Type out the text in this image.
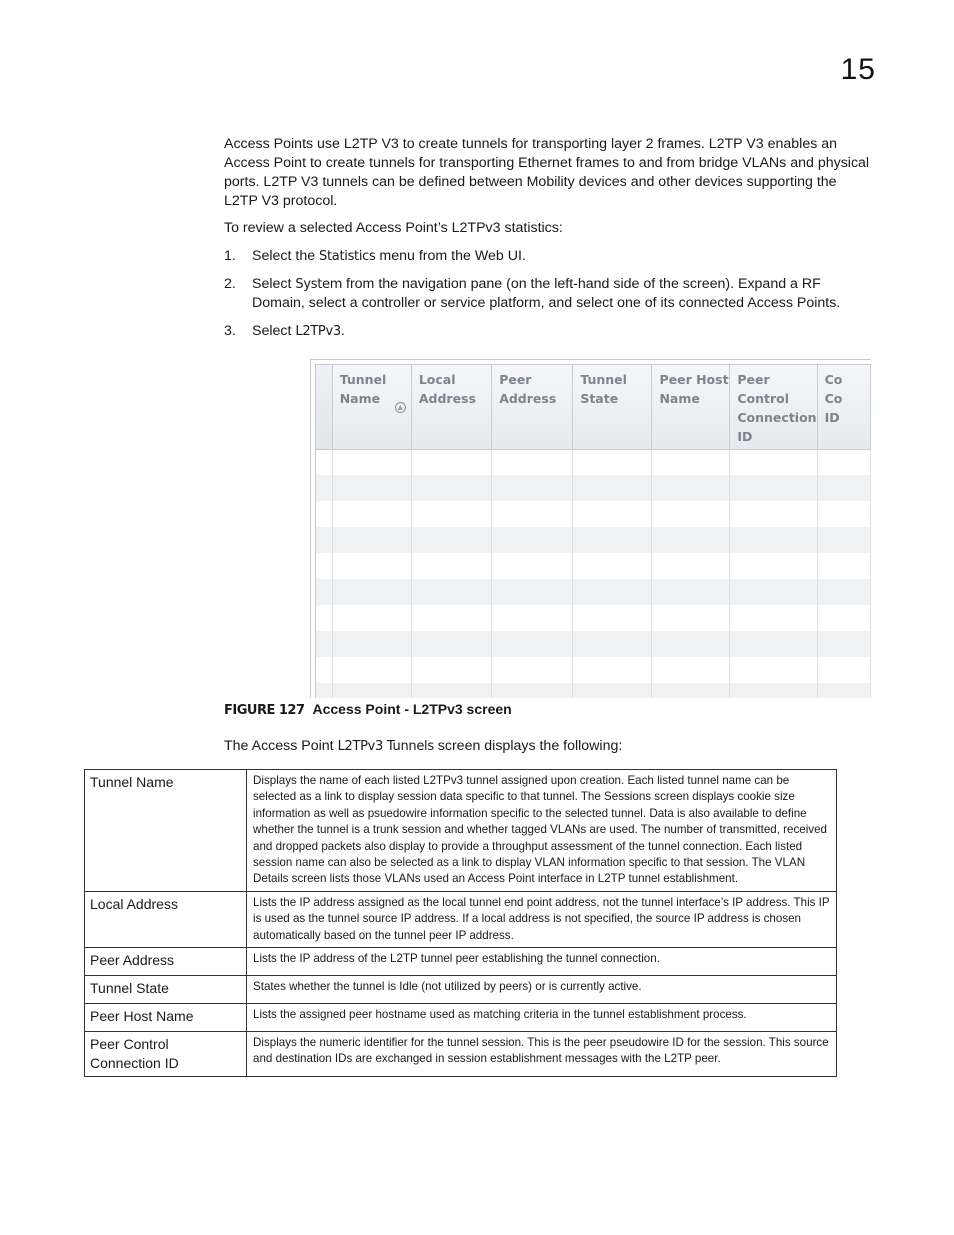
15

Access Points use L2TP V3 to create tunnels for transporting layer 2 frames. L2TP V3 enables an Access Point to create tunnels for transporting Ethernet frames to and from bridge VLANs and physical ports. L2TP V3 tunnels can be defined between Mobility devices and other devices supporting the L2TP V3 protocol.

To review a selected Access Point’s L2TPv3 statistics:

1. Select the Statistics menu from the Web UI.
2. Select System from the navigation pane (on the left-hand side of the screen). Expand a RF Domain, select a controller or service platform, and select one of its connected Access Points.
3. Select L2TPv3.
	Tunnel
Name
▲	Local
Address	Peer
Address	Tunnel
State	Peer Host
Name	Peer
Control
Connection
ID	Co
Co
ID

FIGURE 127 Access Point - L2TPv3 screen
The Access Point L2TPv3 Tunnels screen displays the following:
Tunnel Name	Displays the name of each listed L2TPv3 tunnel assigned upon creation. Each listed tunnel name can be selected as a link to display session data specific to that tunnel. The Sessions screen displays cookie size information as well as psuedowire information specific to the selected tunnel. Data is also available to define whether the tunnel is a trunk session and whether tagged VLANs are used. The number of transmitted, received and dropped packets also display to provide a throughput assessment of the tunnel connection. Each listed session name can also be selected as a link to display VLAN information specific to that session. The VLAN Details screen lists those VLANs used an Access Point interface in L2TP tunnel establishment.
Local Address	Lists the IP address assigned as the local tunnel end point address, not the tunnel interface’s IP address. This IP is used as the tunnel source IP address. If a local address is not specified, the source IP address is chosen automatically based on the tunnel peer IP address.
Peer Address	Lists the IP address of the L2TP tunnel peer establishing the tunnel connection.
Tunnel State	States whether the tunnel is Idle (not utilized by peers) or is currently active.
Peer Host Name	Lists the assigned peer hostname used as matching criteria in the tunnel establishment process.
Peer Control Connection ID	Displays the numeric identifier for the tunnel session. This is the peer pseudowire ID for the session. This source and destination IDs are exchanged in session establishment messages with the L2TP peer.
